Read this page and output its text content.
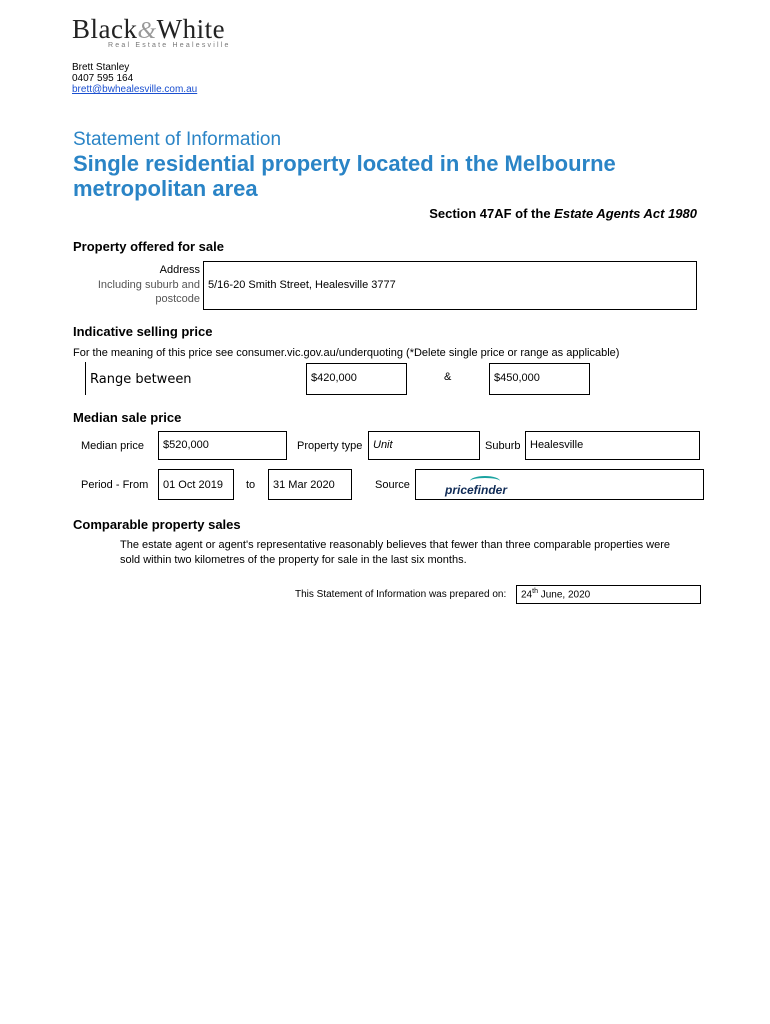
Black&White
Real Estate Healesville
Brett Stanley
0407 595 164
brett@bwhealesville.com.au
Statement of Information
Single residential property located in the Melbourne metropolitan area
Section 47AF of the Estate Agents Act 1980
Property offered for sale
Address
Including suburb and
postcode
5/16-20 Smith Street, Healesville 3777
Indicative selling price
For the meaning of this price see consumer.vic.gov.au/underquoting (*Delete single price or range as applicable)
Range between	$420,000	&	$450,000
Median sale price
Median price	$520,000	Property type Unit	Suburb Healesville
Period - From	01 Oct 2019	to	31 Mar 2020	Source	pricefinder
Comparable property sales
The estate agent or agent's representative reasonably believes that fewer than three comparable properties were sold within two kilometres of the property for sale in the last six months.
This Statement of Information was prepared on:	24th June, 2020
